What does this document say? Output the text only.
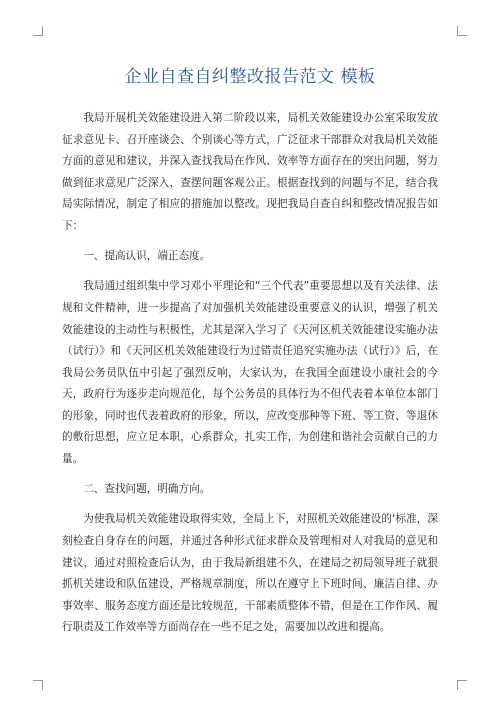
企业自查自纠整改报告范文 模板

我局开展机关效能建设进入第二阶段以来，局机关效能建设办公室采取发放征求意见卡、召开座谈会、个别谈心等方式，广泛征求干部群众对我局机关效能方面的意见和建议，并深入查找我局在作风、效率等方面存在的突出问题，努力做到征求意见广泛深入，查摆问题客观公正。根据查找到的问题与不足，结合我局实际情况，制定了相应的措施加以整改。现把我局自查自纠和整改情况报告如下：

一、提高认识，端正态度。

我局通过组织集中学习邓小平理论和“三个代表”重要思想以及有关法律、法规和文件精神，进一步提高了对加强机关效能建设重要意义的认识，增强了机关效能建设的主动性与积极性，尤其是深入学习了《天河区机关效能建设实施办法（试行）》和《天河区机关效能建设行为过错责任追究实施办法（试行）》后，在我局公务员队伍中引起了强烈反响，大家认为，在我国全面建设小康社会的今天，政府行为逐步走向规范化，每个公务员的具体行为不但代表着本单位本部门的形象，同时也代表着政府的形象，所以，应改变那种等下班、等工资、等退休的敷衍思想，应立足本职，心系群众，扎实工作，为创建和谐社会贡献自己的力量。

二、查找问题，明确方向。

为使我局机关效能建设取得实效，全局上下，对照机关效能建设的‘标准，深刻检查自身存在的问题，并通过各种形式征求群众及管理相对人对我局的意见和建议，通过对照检查后认为，由于我局新组建不久，在建局之初局领导班子就狠抓机关建设和队伍建设，严格规章制度，所以在遵守上下班时间、廉洁自律、办事效率、服务态度方面还是比较规范，干部素质整体不错，但是在工作作风、履行职责及工作效率等方面尚存在一些不足之处，需要加以改进和提高。
